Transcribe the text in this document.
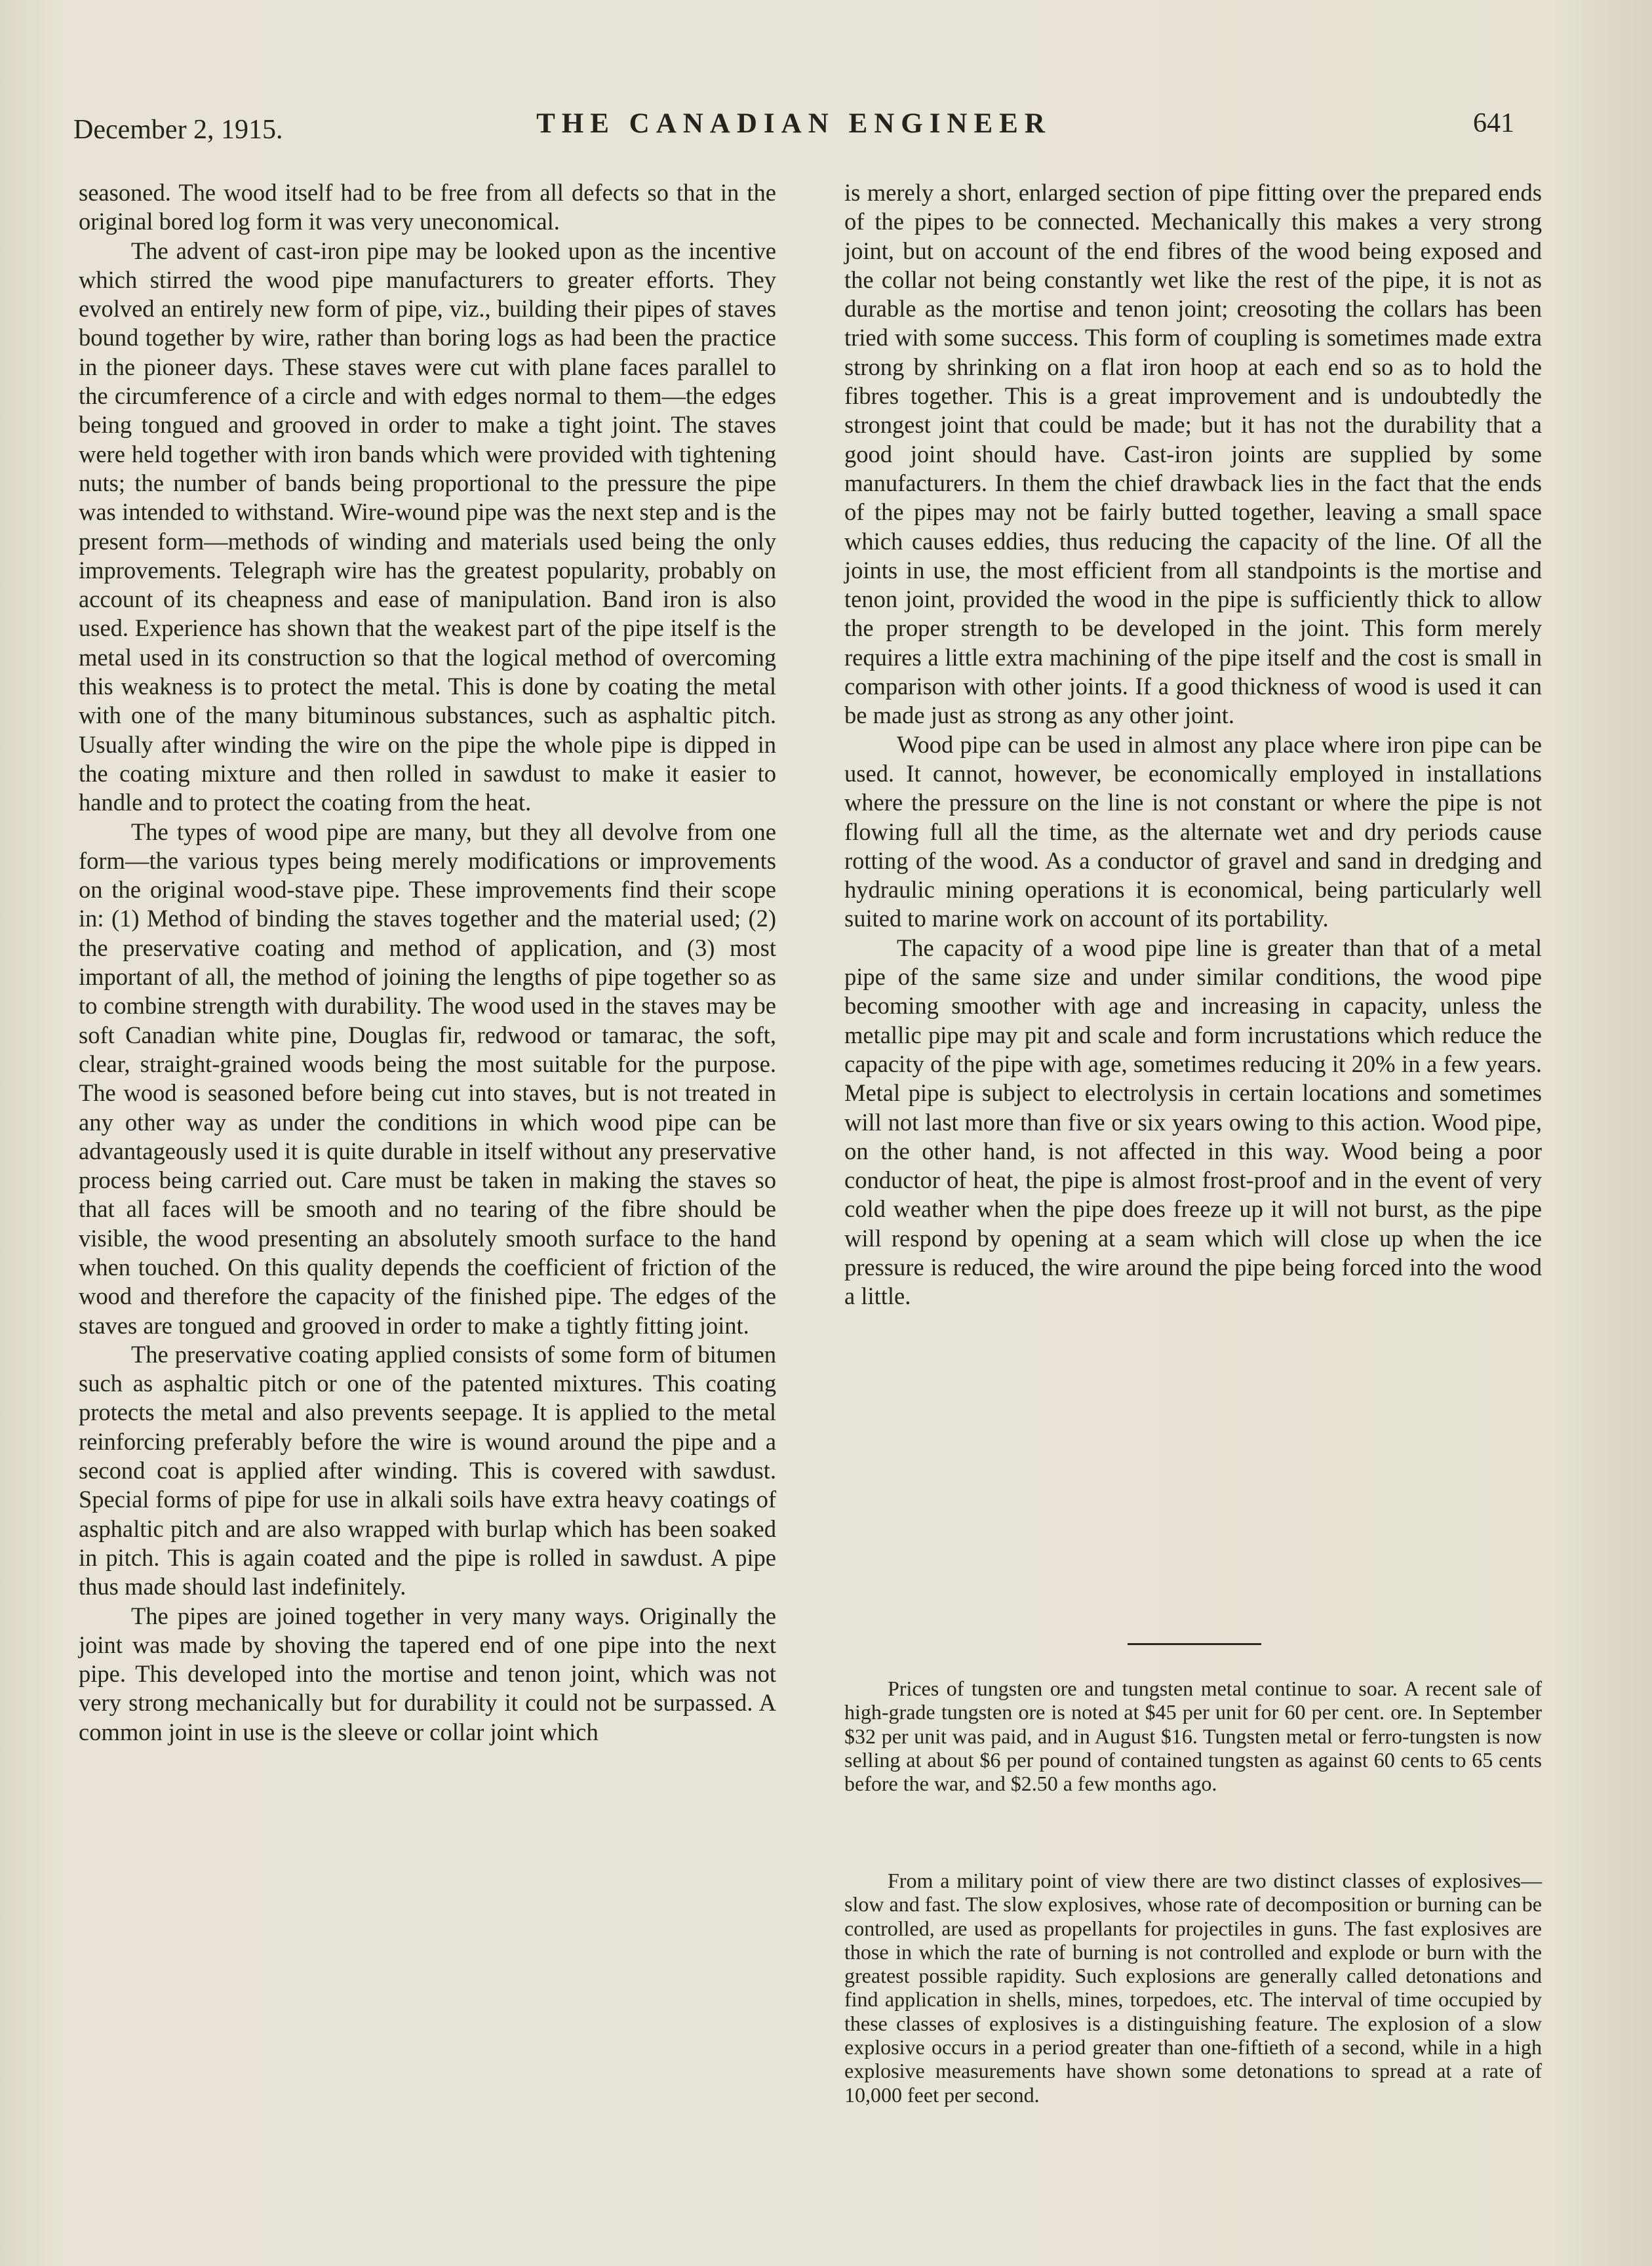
December 2, 1915.	THE CANADIAN ENGINEER	641

seasoned. The wood itself had to be free from all defects so that in the original bored log form it was very uneconomical.

The advent of cast-iron pipe may be looked upon as the incentive which stirred the wood pipe manufacturers to greater efforts. They evolved an entirely new form of pipe, viz., building their pipes of staves bound together by wire, rather than boring logs as had been the practice in the pioneer days. These staves were cut with plane faces parallel to the circumference of a circle and with edges normal to them—the edges being tongued and grooved in order to make a tight joint. The staves were held together with iron bands which were provided with tightening nuts; the number of bands being proportional to the pressure the pipe was intended to withstand. Wire-wound pipe was the next step and is the present form—methods of winding and materials used being the only improvements. Telegraph wire has the greatest popularity, probably on account of its cheapness and ease of manipulation. Band iron is also used. Experience has shown that the weakest part of the pipe itself is the metal used in its construction so that the logical method of overcoming this weakness is to protect the metal. This is done by coating the metal with one of the many bituminous substances, such as asphaltic pitch. Usually after winding the wire on the pipe the whole pipe is dipped in the coating mixture and then rolled in sawdust to make it easier to handle and to protect the coating from the heat.

The types of wood pipe are many, but they all devolve from one form—the various types being merely modifications or improvements on the original wood-stave pipe. These improvements find their scope in: (1) Method of binding the staves together and the material used; (2) the preservative coating and method of application, and (3) most important of all, the method of joining the lengths of pipe together so as to combine strength with durability. The wood used in the staves may be soft Canadian white pine, Douglas fir, redwood or tamarac, the soft, clear, straight-grained woods being the most suitable for the purpose. The wood is seasoned before being cut into staves, but is not treated in any other way as under the conditions in which wood pipe can be advantageously used it is quite durable in itself without any preservative process being carried out. Care must be taken in making the staves so that all faces will be smooth and no tearing of the fibre should be visible, the wood presenting an absolutely smooth surface to the hand when touched. On this quality depends the coefficient of friction of the wood and therefore the capacity of the finished pipe. The edges of the staves are tongued and grooved in order to make a tightly fitting joint.

The preservative coating applied consists of some form of bitumen such as asphaltic pitch or one of the patented mixtures. This coating protects the metal and also prevents seepage. It is applied to the metal reinforcing preferably before the wire is wound around the pipe and a second coat is applied after winding. This is covered with sawdust. Special forms of pipe for use in alkali soils have extra heavy coatings of asphaltic pitch and are also wrapped with burlap which has been soaked in pitch. This is again coated and the pipe is rolled in sawdust. A pipe thus made should last indefinitely.

The pipes are joined together in very many ways. Originally the joint was made by shoving the tapered end of one pipe into the next pipe. This developed into the mortise and tenon joint, which was not very strong mechanically but for durability it could not be surpassed. A common joint in use is the sleeve or collar joint which

is merely a short, enlarged section of pipe fitting over the prepared ends of the pipes to be connected. Mechanically this makes a very strong joint, but on account of the end fibres of the wood being exposed and the collar not being constantly wet like the rest of the pipe, it is not as durable as the mortise and tenon joint; creosoting the collars has been tried with some success. This form of coupling is sometimes made extra strong by shrinking on a flat iron hoop at each end so as to hold the fibres together. This is a great improvement and is undoubtedly the strongest joint that could be made; but it has not the durability that a good joint should have. Cast-iron joints are supplied by some manufacturers. In them the chief drawback lies in the fact that the ends of the pipes may not be fairly butted together, leaving a small space which causes eddies, thus reducing the capacity of the line. Of all the joints in use, the most efficient from all standpoints is the mortise and tenon joint, provided the wood in the pipe is sufficiently thick to allow the proper strength to be developed in the joint. This form merely requires a little extra machining of the pipe itself and the cost is small in comparison with other joints. If a good thickness of wood is used it can be made just as strong as any other joint.

Wood pipe can be used in almost any place where iron pipe can be used. It cannot, however, be economically employed in installations where the pressure on the line is not constant or where the pipe is not flowing full all the time, as the alternate wet and dry periods cause rotting of the wood. As a conductor of gravel and sand in dredging and hydraulic mining operations it is economical, being particularly well suited to marine work on account of its portability.

The capacity of a wood pipe line is greater than that of a metal pipe of the same size and under similar conditions, the wood pipe becoming smoother with age and increasing in capacity, unless the metallic pipe may pit and scale and form incrustations which reduce the capacity of the pipe with age, sometimes reducing it 20% in a few years. Metal pipe is subject to electrolysis in certain locations and sometimes will not last more than five or six years owing to this action. Wood pipe, on the other hand, is not affected in this way. Wood being a poor conductor of heat, the pipe is almost frost-proof and in the event of very cold weather when the pipe does freeze up it will not burst, as the pipe will respond by opening at a seam which will close up when the ice pressure is reduced, the wire around the pipe being forced into the wood a little.

Prices of tungsten ore and tungsten metal continue to soar. A recent sale of high-grade tungsten ore is noted at $45 per unit for 60 per cent. ore. In September $32 per unit was paid, and in August $16. Tungsten metal or ferro-tungsten is now selling at about $6 per pound of contained tungsten as against 60 cents to 65 cents before the war, and $2.50 a few months ago.

From a military point of view there are two distinct classes of explosives—slow and fast. The slow explosives, whose rate of decomposition or burning can be controlled, are used as propellants for projectiles in guns. The fast explosives are those in which the rate of burning is not controlled and explode or burn with the greatest possible rapidity. Such explosions are generally called detonations and find application in shells, mines, torpedoes, etc. The interval of time occupied by these classes of explosives is a distinguishing feature. The explosion of a slow explosive occurs in a period greater than one-fiftieth of a second, while in a high explosive measurements have shown some detonations to spread at a rate of 10,000 feet per second.
